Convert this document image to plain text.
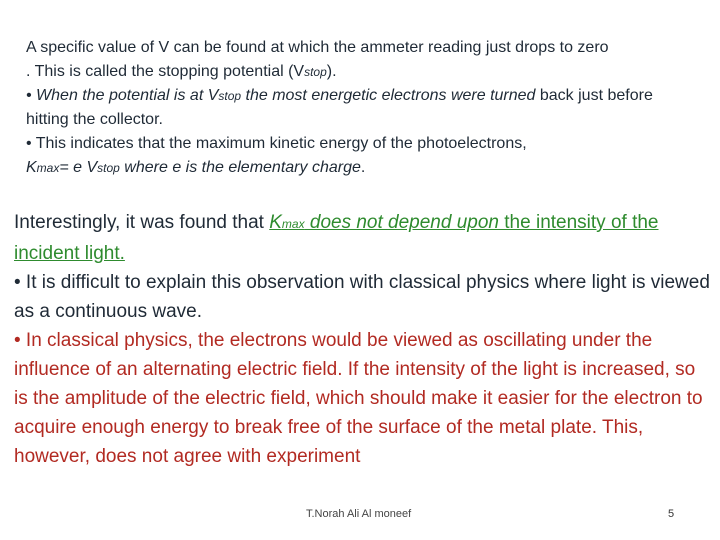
A specific value of V can be found at which the ammeter reading just drops to zero

. This is called the stopping potential (Vstop).

• When the potential is at Vstop the most energetic electrons were turned back just before hitting the collector.

• This indicates that the maximum kinetic energy of the photoelectrons,

Kmax= e Vstop where e is the elementary charge.

Interestingly, it was found that Kmax does not depend upon the intensity of the incident light.

• It is difficult to explain this observation with classical physics where light is viewed as a continuous wave.

• In classical physics, the electrons would be viewed as oscillating under the influence of an alternating electric field. If the intensity of the light is increased, so is the amplitude of the electric field, which should make it easier for the electron to acquire enough energy to break free of the surface of the metal plate. This, however, does not agree with experiment

T.Norah Ali Al moneef	5
